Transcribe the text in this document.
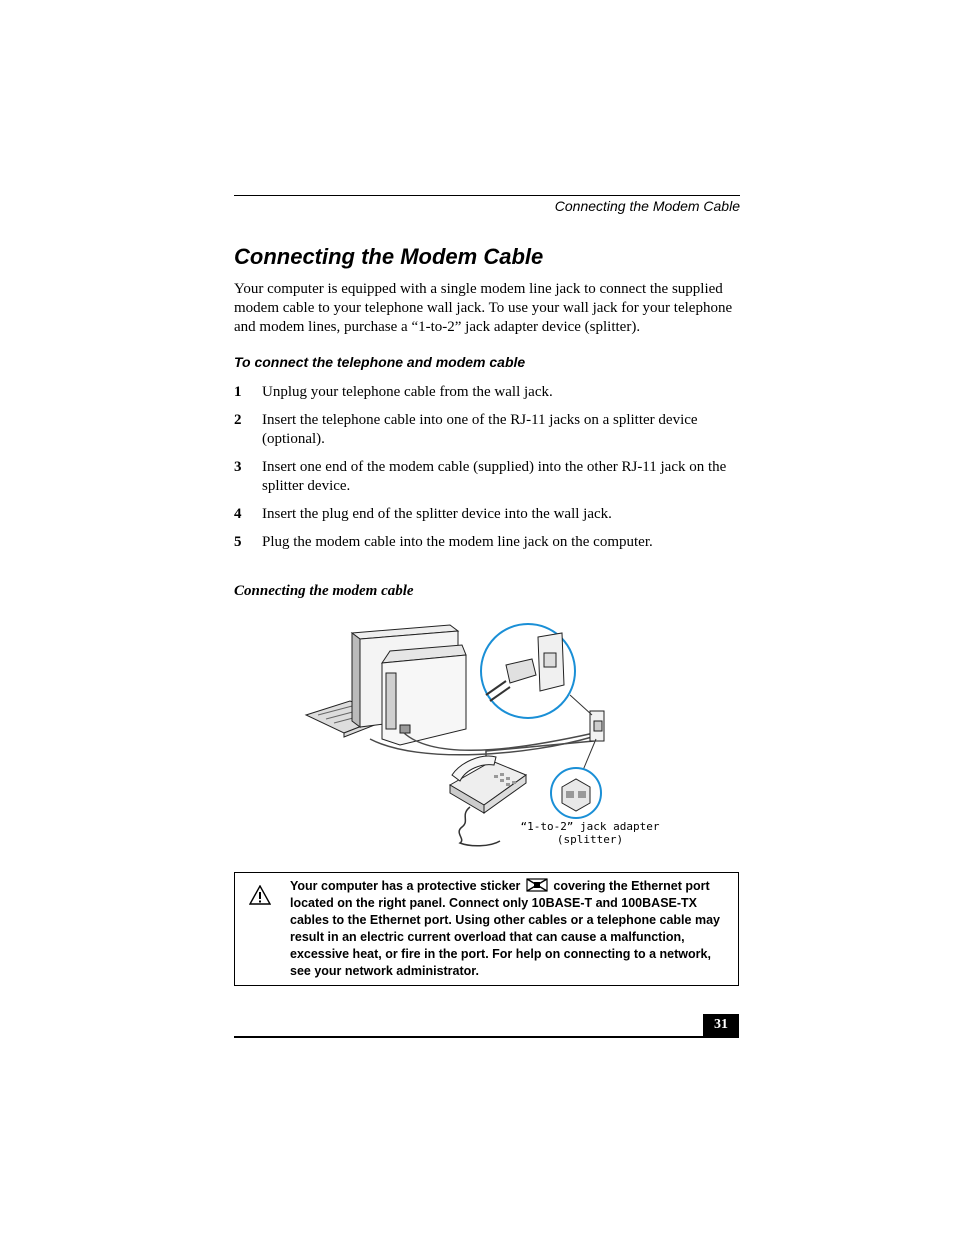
Connecting the Modem Cable
Connecting the Modem Cable

Your computer is equipped with a single modem line jack to connect the supplied modem cable to your telephone wall jack. To use your wall jack for your telephone and modem lines, purchase a “1-to-2” jack adapter device (splitter).

To connect the telephone and modem cable
1 Unplug your telephone cable from the wall jack.
2 Insert the telephone cable into one of the RJ-11 jacks on a splitter device (optional).
3 Insert one end of the modem cable (supplied) into the other RJ-11 jack on the splitter device.
4 Insert the plug end of the splitter device into the wall jack.
5 Plug the modem cable into the modem line jack on the computer.
Connecting the modem cable
“1-to-2” jack adapter
(splitter)

Your computer has a protective sticker	covering the Ethernet port located on the right panel. Connect only 10BASE-T and 100BASE-TX cables to the Ethernet port. Using other cables or a telephone cable may result in an electric current overload that can cause a malfunction, excessive heat, or fire in the port. For help on connecting to a network, see your network administrator.

31
